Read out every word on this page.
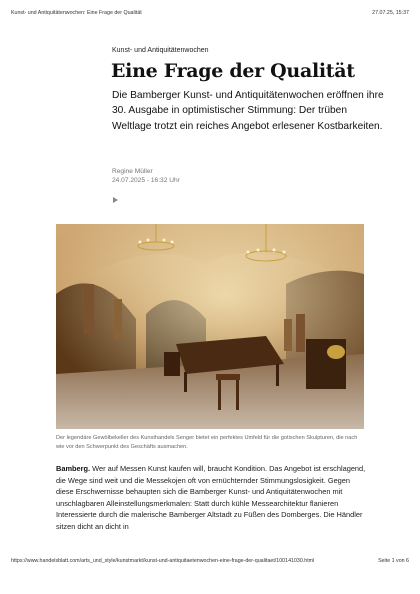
Kunst- und Antiquitätenwochen: Eine Frage der Qualität	27.07.25, 15:37
Kunst- und Antiquitätenwochen
Eine Frage der Qualität

Die Bamberger Kunst- und Antiquitätenwochen eröffnen ihre 30. Ausgabe in optimistischer Stimmung: Der trüben Weltlage trotzt ein reiches Angebot erlesener Kostbarkeiten.

Regine Müller
24.07.2025 - 16:32 Uhr
Der legendäre Gewölbekeller des Kunsthandels Senger bietet ein perfektes Umfeld für die gotischen Skulpturen, die nach wie vor den Schwerpunkt des Geschäfts ausmachen.

Bamberg. Wer auf Messen Kunst kaufen will, braucht Kondition. Das Angebot ist erschlagend, die Wege sind weit und die Messekojen oft von ernüchternder Stimmungslosigkeit. Gegen diese Erschwernisse behaupten sich die Bamberger Kunst- und Antiquitätenwochen mit unschlagbaren Alleinstellungsmerkmalen: Statt durch kühle Messearchitektur flanieren Interessierte durch die malerische Bamberger Altstadt zu Füßen des Domberges. Die Händler sitzen dicht an dicht in

https://www.handelsblatt.com/arts_und_style/kunstmarkt/kunst-und-antiquitaetenwochen-eine-frage-der-qualitaet/100141030.html	Seite 1 von 6
